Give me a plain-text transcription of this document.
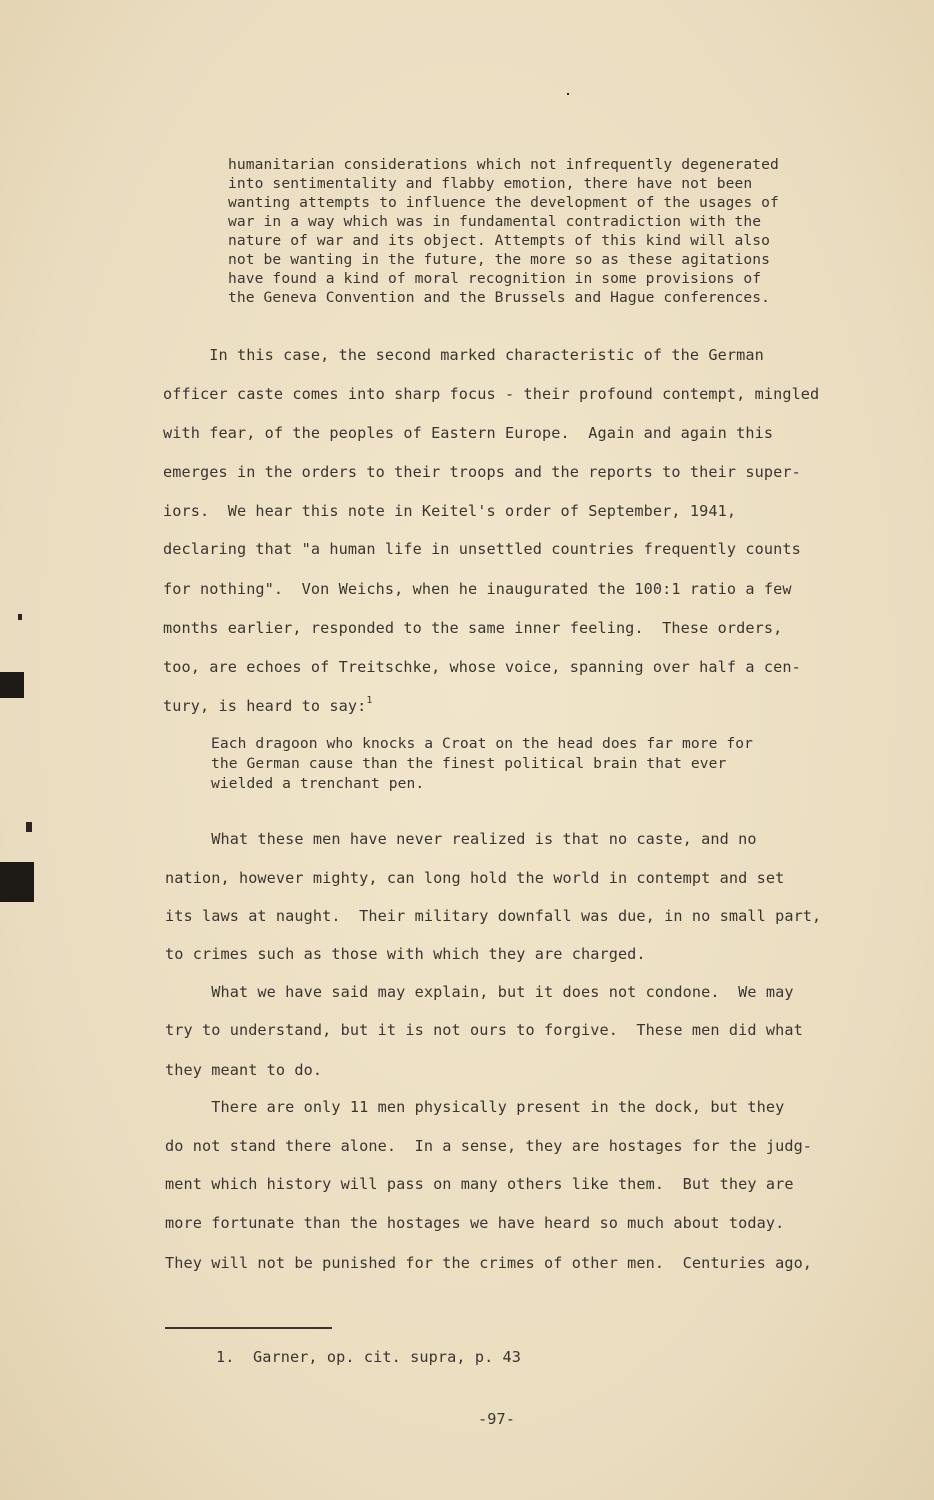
humanitarian considerations which not infrequently degenerated
into sentimentality and flabby emotion, there have not been
wanting attempts to influence the development of the usages of
war in a way which was in fundamental contradiction with the
nature of war and its object. Attempts of this kind will also
not be wanting in the future, the more so as these agitations
have found a kind of moral recognition in some provisions of
the Geneva Convention and the Brussels and Hague conferences.
In this case, the second marked characteristic of the German
officer caste comes into sharp focus - their profound contempt, mingled
with fear, of the peoples of Eastern Europe.  Again and again this
emerges in the orders to their troops and the reports to their super-
iors.  We hear this note in Keitel's order of September, 1941,
declaring that "a human life in unsettled countries frequently counts
for nothing".  Von Weichs, when he inaugurated the 100:1 ratio a few
months earlier, responded to the same inner feeling.  These orders,
too, are echoes of Treitschke, whose voice, spanning over half a cen-
tury, is heard to say:$^1$
Each dragoon who knocks a Croat on the head does far more for
the German cause than the finest political brain that ever
wielded a trenchant pen.
What these men have never realized is that no caste, and no
nation, however mighty, can long hold the world in contempt and set
its laws at naught.  Their military downfall was due, in no small part,
to crimes such as those with which they are charged.
What we have said may explain, but it does not condone.  We may
try to understand, but it is not ours to forgive.  These men did what
they meant to do.
There are only 11 men physically present in the dock, but they
do not stand there alone.  In a sense, they are hostages for the judg-
ment which history will pass on many others like them.  But they are
more fortunate than the hostages we have heard so much about today.
They will not be punished for the crimes of other men.  Centuries ago,
1.  Garner, op. cit. supra, p. 43
-97-
